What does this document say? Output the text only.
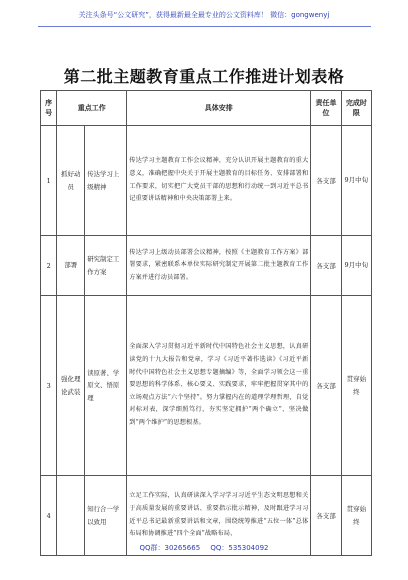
关注头条号“公文研究”，获得最新最全最专业的公文资料库！ 微信：gongwenyj
第二批主题教育重点工作推进计划表格
序号	重点工作		具体安排	责任单位	完成时限
1	抓好动员	传达学习上级精神	传达学习主题教育工作会议精神，充分认识开展主题教育的重大意义，准确把握中央关于开展主题教育的目标任务、安排部署和工作要求，切实把广大党员干部的思想和行动统一到习近平总书记重要讲话精神和中央决策部署上来。	各支部	9月中旬
2	部署	研究制定工作方案	传达学习上级动员部署会议精神，按照《主题教育工作方案》部署要求，紧密联系本单位实际研究制定开展第二批主题教育工作方案并进行动员部署。	各支部	9月中旬
3	强化理论武装	读原著、学原文、悟原理	全面深入学习贯彻习近平新时代中国特色社会主义思想，认真研读党的十九大报告和党章，学习《习近平著作选读》《习近平新时代中国特色社会主义思想专题摘编》等，全面学习领会这一重要思想的科学体系、核心要义、实践要求，牢牢把握贯穿其中的立场观点方法“六个坚持”。努力掌握内在的道理学理哲理，自觉对标对表，深学细照笃行，夯实坚定拥护“两个确立”、坚决做到“两个维护”的思想根基。	各支部	贯穿始终
4		知行合一学以致用	立足工作实际，认真研读深入学习学习习近平生态文明思想和关于高质量发展的重要讲话、重要指示批示精神，及时跟进学习习近平总书记最新重要讲话和文章，围绕统筹推进“五位一体”总体布局和协调推进“四个全面”战略布局，	各支部	贯穿始终
QQ群：30265665 QQ：535304092
